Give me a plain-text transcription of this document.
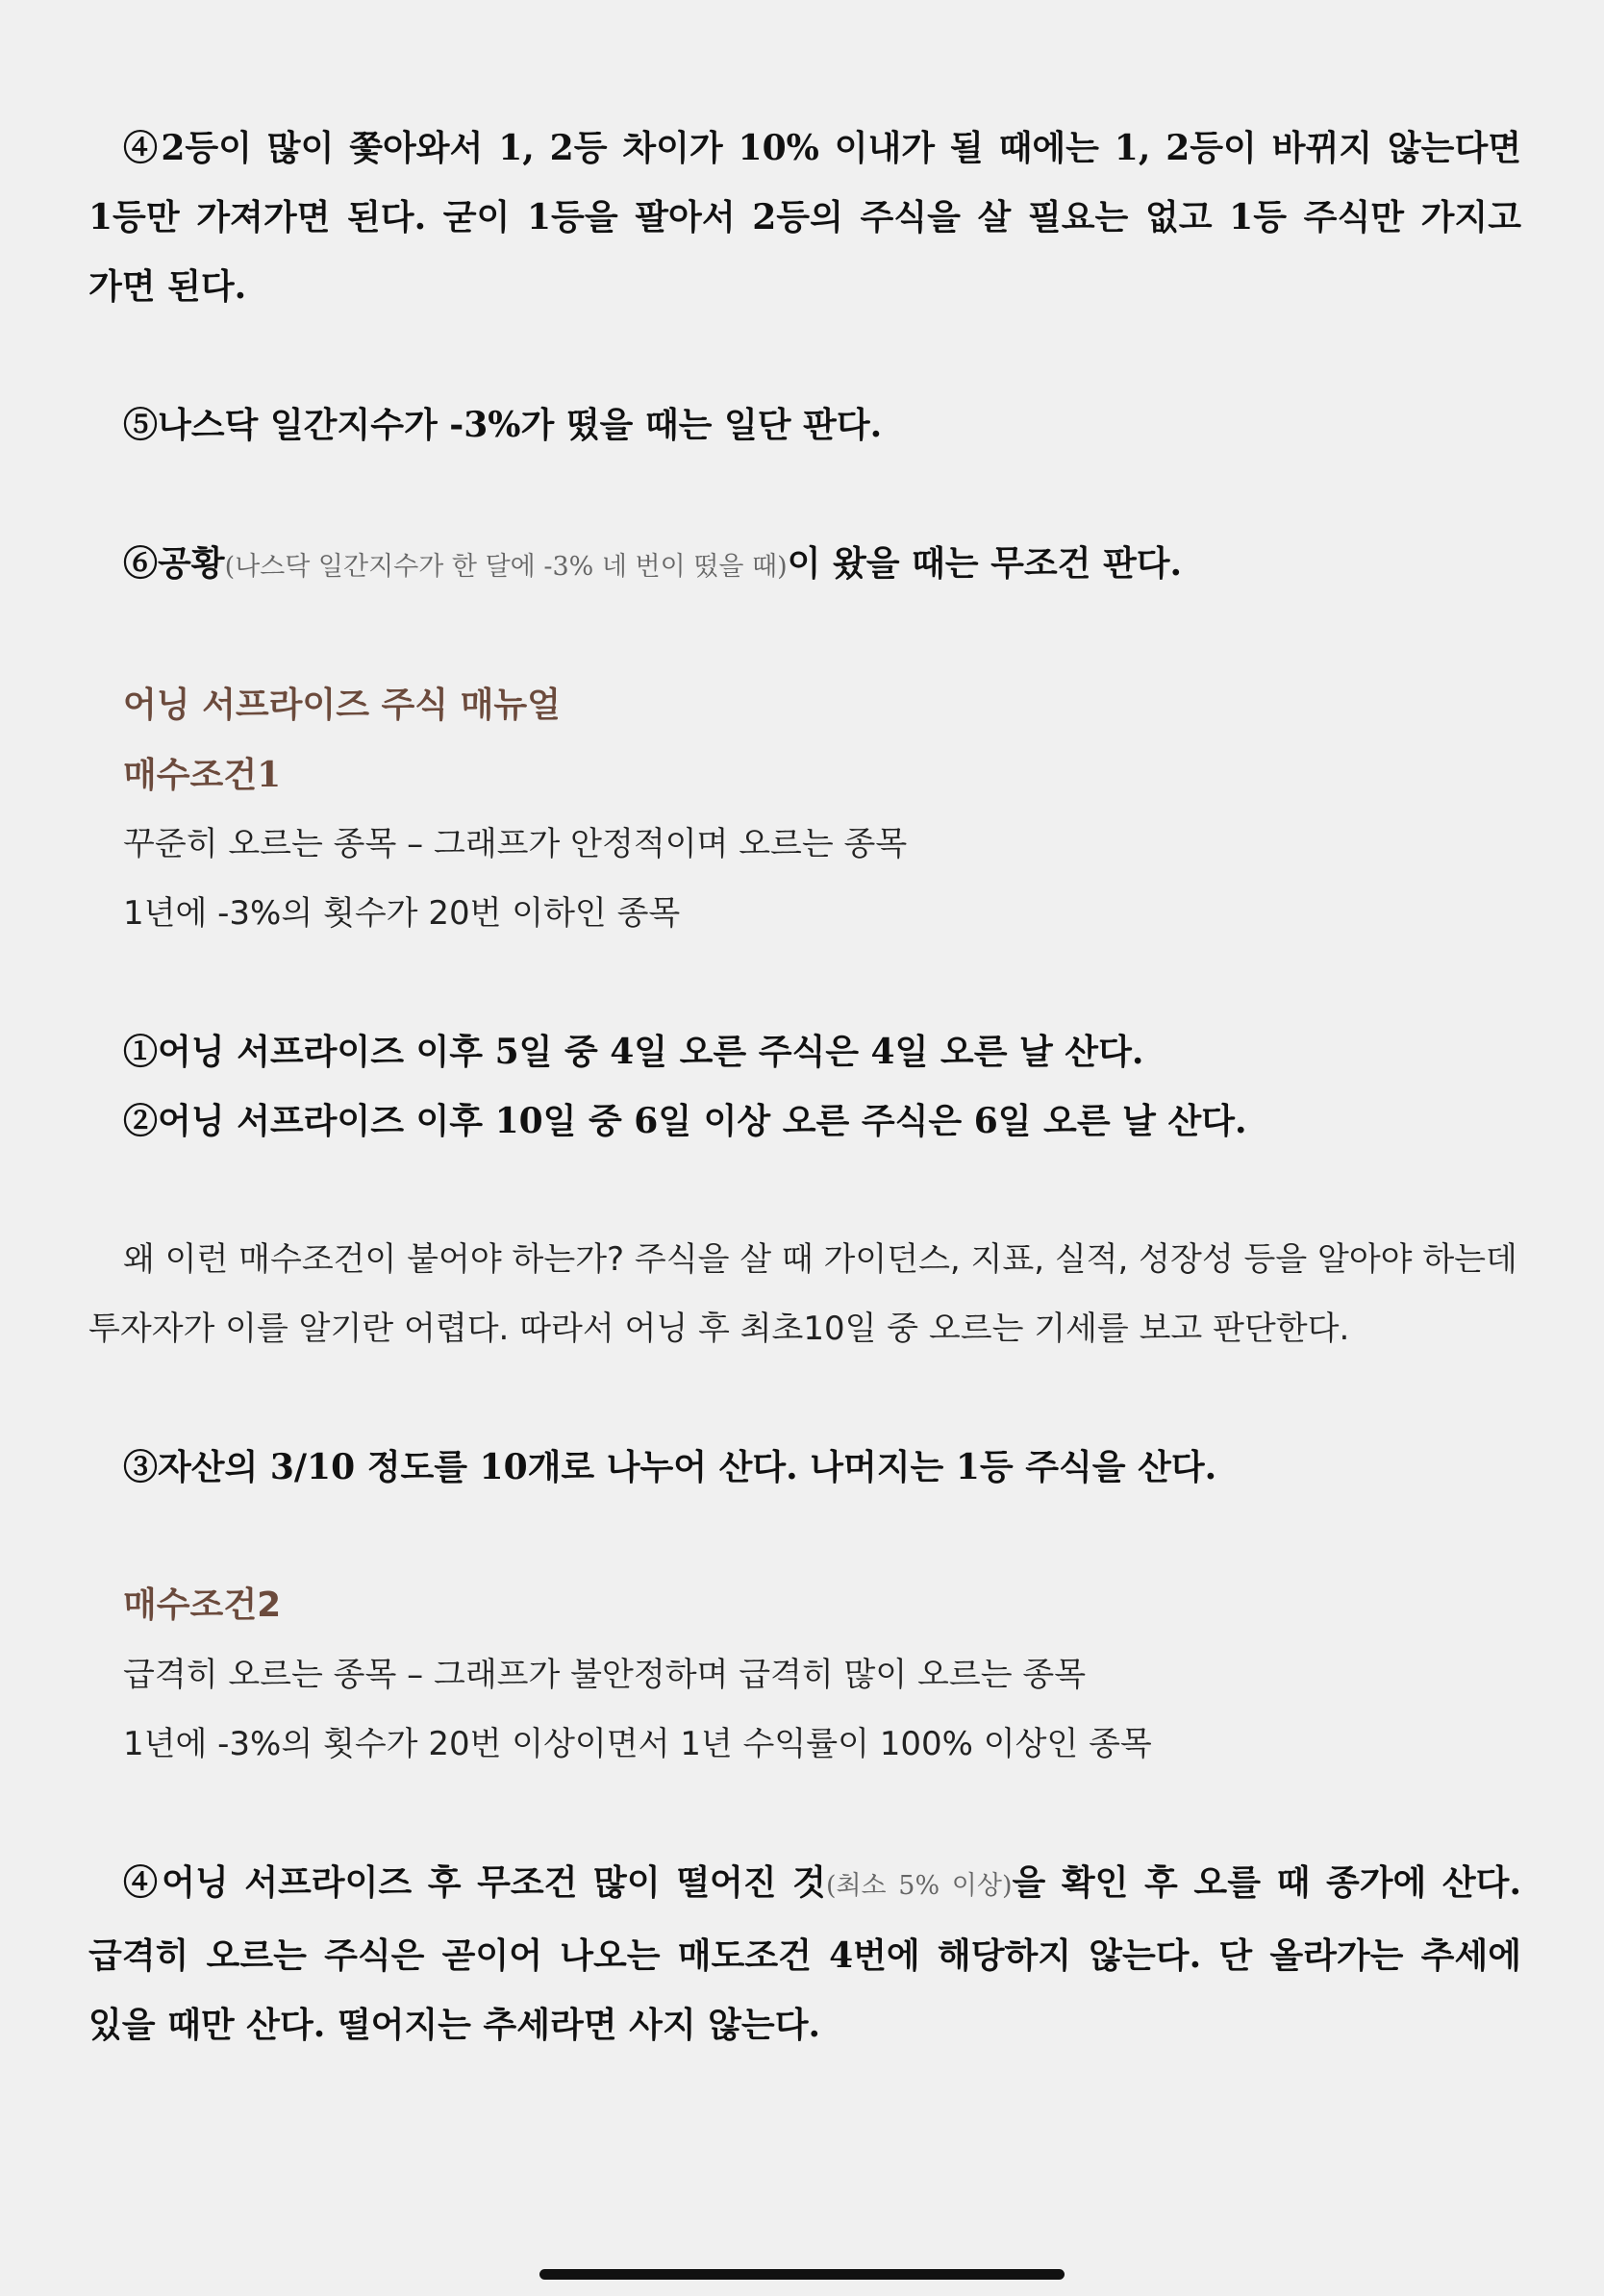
④2등이 많이 쫓아와서 1, 2등 차이가 10% 이내가 될 때에는 1, 2등이 바뀌지 않는다면 1등만 가져가면 된다. 굳이 1등을 팔아서 2등의 주식을 살 필요는 없고 1등 주식만 가지고 가면 된다.

⑤나스닥 일간지수가 -3%가 떴을 때는 일단 판다.

⑥공황(나스닥 일간지수가 한 달에 -3% 네 번이 떴을 때)이 왔을 때는 무조건 판다.

어닝 서프라이즈 주식 매뉴얼

매수조건1

꾸준히 오르는 종목 – 그래프가 안정적이며 오르는 종목

1년에 -3%의 횟수가 20번 이하인 종목

①어닝 서프라이즈 이후 5일 중 4일 오른 주식은 4일 오른 날 산다.

②어닝 서프라이즈 이후 10일 중 6일 이상 오른 주식은 6일 오른 날 산다.

왜 이런 매수조건이 붙어야 하는가? 주식을 살 때 가이던스, 지표, 실적, 성장성 등을 알아야 하는데 투자자가 이를 알기란 어렵다. 따라서 어닝 후 최초10일 중 오르는 기세를 보고 판단한다.

③자산의 3/10 정도를 10개로 나누어 산다. 나머지는 1등 주식을 산다.

매수조건2

급격히 오르는 종목 – 그래프가 불안정하며 급격히 많이 오르는 종목

1년에 -3%의 횟수가 20번 이상이면서 1년 수익률이 100% 이상인 종목

④어닝 서프라이즈 후 무조건 많이 떨어진 것(최소 5% 이상)을 확인 후 오를 때 종가에 산다. 급격히 오르는 주식은 곧이어 나오는 매도조건 4번에 해당하지 않는다. 단 올라가는 추세에 있을 때만 산다. 떨어지는 추세라면 사지 않는다.
